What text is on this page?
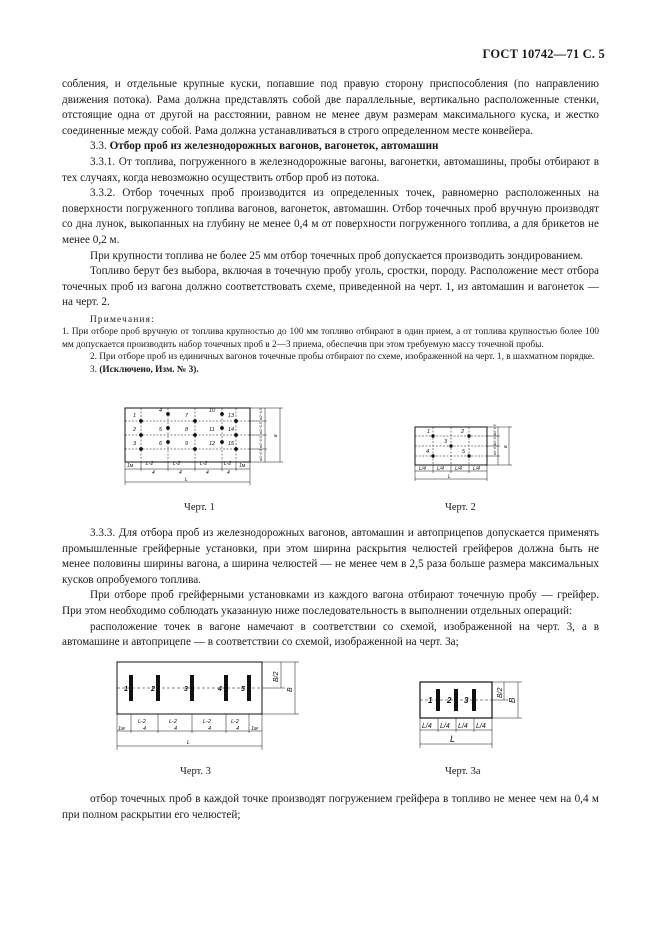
ГОСТ 10742—71 С. 5

собления, и отдельные крупные куски, попавшие под правую сторону приспособления (по направлению движения потока). Рама должна представлять собой две параллельные, вертикально расположенные стенки, отстоящие одна от другой на расстоянии, равном не менее двум размерам максимального куска, и жестко соединенные между собой. Рама должна устанавливаться в строго определенном месте конвейера.

3.3. Отбор проб из железнодорожных вагонов, вагонеток, автомашин

3.3.1. От топлива, погруженного в железнодорожные вагоны, вагонетки, автомашины, пробы отбирают в тех случаях, когда невозможно осуществить отбор проб из потока.

3.3.2. Отбор точечных проб производится из определенных точек, равномерно расположенных на поверхности погруженного топлива вагонов, вагонеток, автомашин. Отбор точечных проб вручную производят со дна лунок, выкопанных на глубину не менее 0,4 м от поверхности погруженного топлива, а для брикетов не менее 0,2 м.

При крупности топлива не более 25 мм отбор точечных проб допускается производить зондированием.

Топливо берут без выбора, включая в точечную пробу уголь, сростки, породу. Расположение мест отбора точечных проб из вагона должно соответствовать схеме, приведенной на черт. 1, из автомашин и вагонеток — на черт. 2.

Примечания:

1. При отборе проб вручную от топлива крупностью до 100 мм топливо отбирают в один прием, а от топлива крупностью более 100 мм допускается производить набор точечных проб в 2—3 приема, обеспечив при этом требуемую массу точечной пробы.

2. При отборе проб из единичных вагонов точечные пробы отбирают по схеме, изображенной на черт. 1, в шахматном порядке.

3. (Исключено, Изм. № 3).

1
2
3
4
5
6
7
8
9
10
11
12
13
14
15
1м	L-2
4
L-2
4
L-2
4
L-2
4
1м
L
в/2−0,5
в/2−0,5
в/2−0,5
в/2−0,5
в
Черт. 1
1	2
3
4	5
L/4 L/4 L/4 L/4
L
в/2−0,5
в/2−0,5
в/2−0,5 в
Черт. 2

3.3.3. Для отбора проб из железнодорожных вагонов, автомашин и автоприцепов допускается применять промышленные грейферные установки, при этом ширина раскрытия челюстей грейферов должна быть не менее половины ширины вагона, а ширина челюстей — не менее чем в 2,5 раза больше размера максимальных кусков опробуемого топлива.

При отборе проб грейферными установками из каждого вагона отбирают точечную пробу — грейфер. При этом необходимо соблюдать указанную ниже последовательность в выполнении отдельных операций:

расположение точек в вагоне намечают в соответствии со схемой, изображенной на черт. 3, а в автомашине и автоприцепе — в соответствии со схемой, изображенной на черт. 3а;

1	2	3	4	5
1м
L-2
4
L-2
4
L-2
4
L-2
4 1м
L
В/2
В
Черт. 3
1 2 3
L/4 L/4 L/4 L/4
L
В/2
В
Черт. 3а

отбор точечных проб в каждой точке производят погружением грейфера в топливо не менее чем на 0,4 м при полном раскрытии его челюстей;
